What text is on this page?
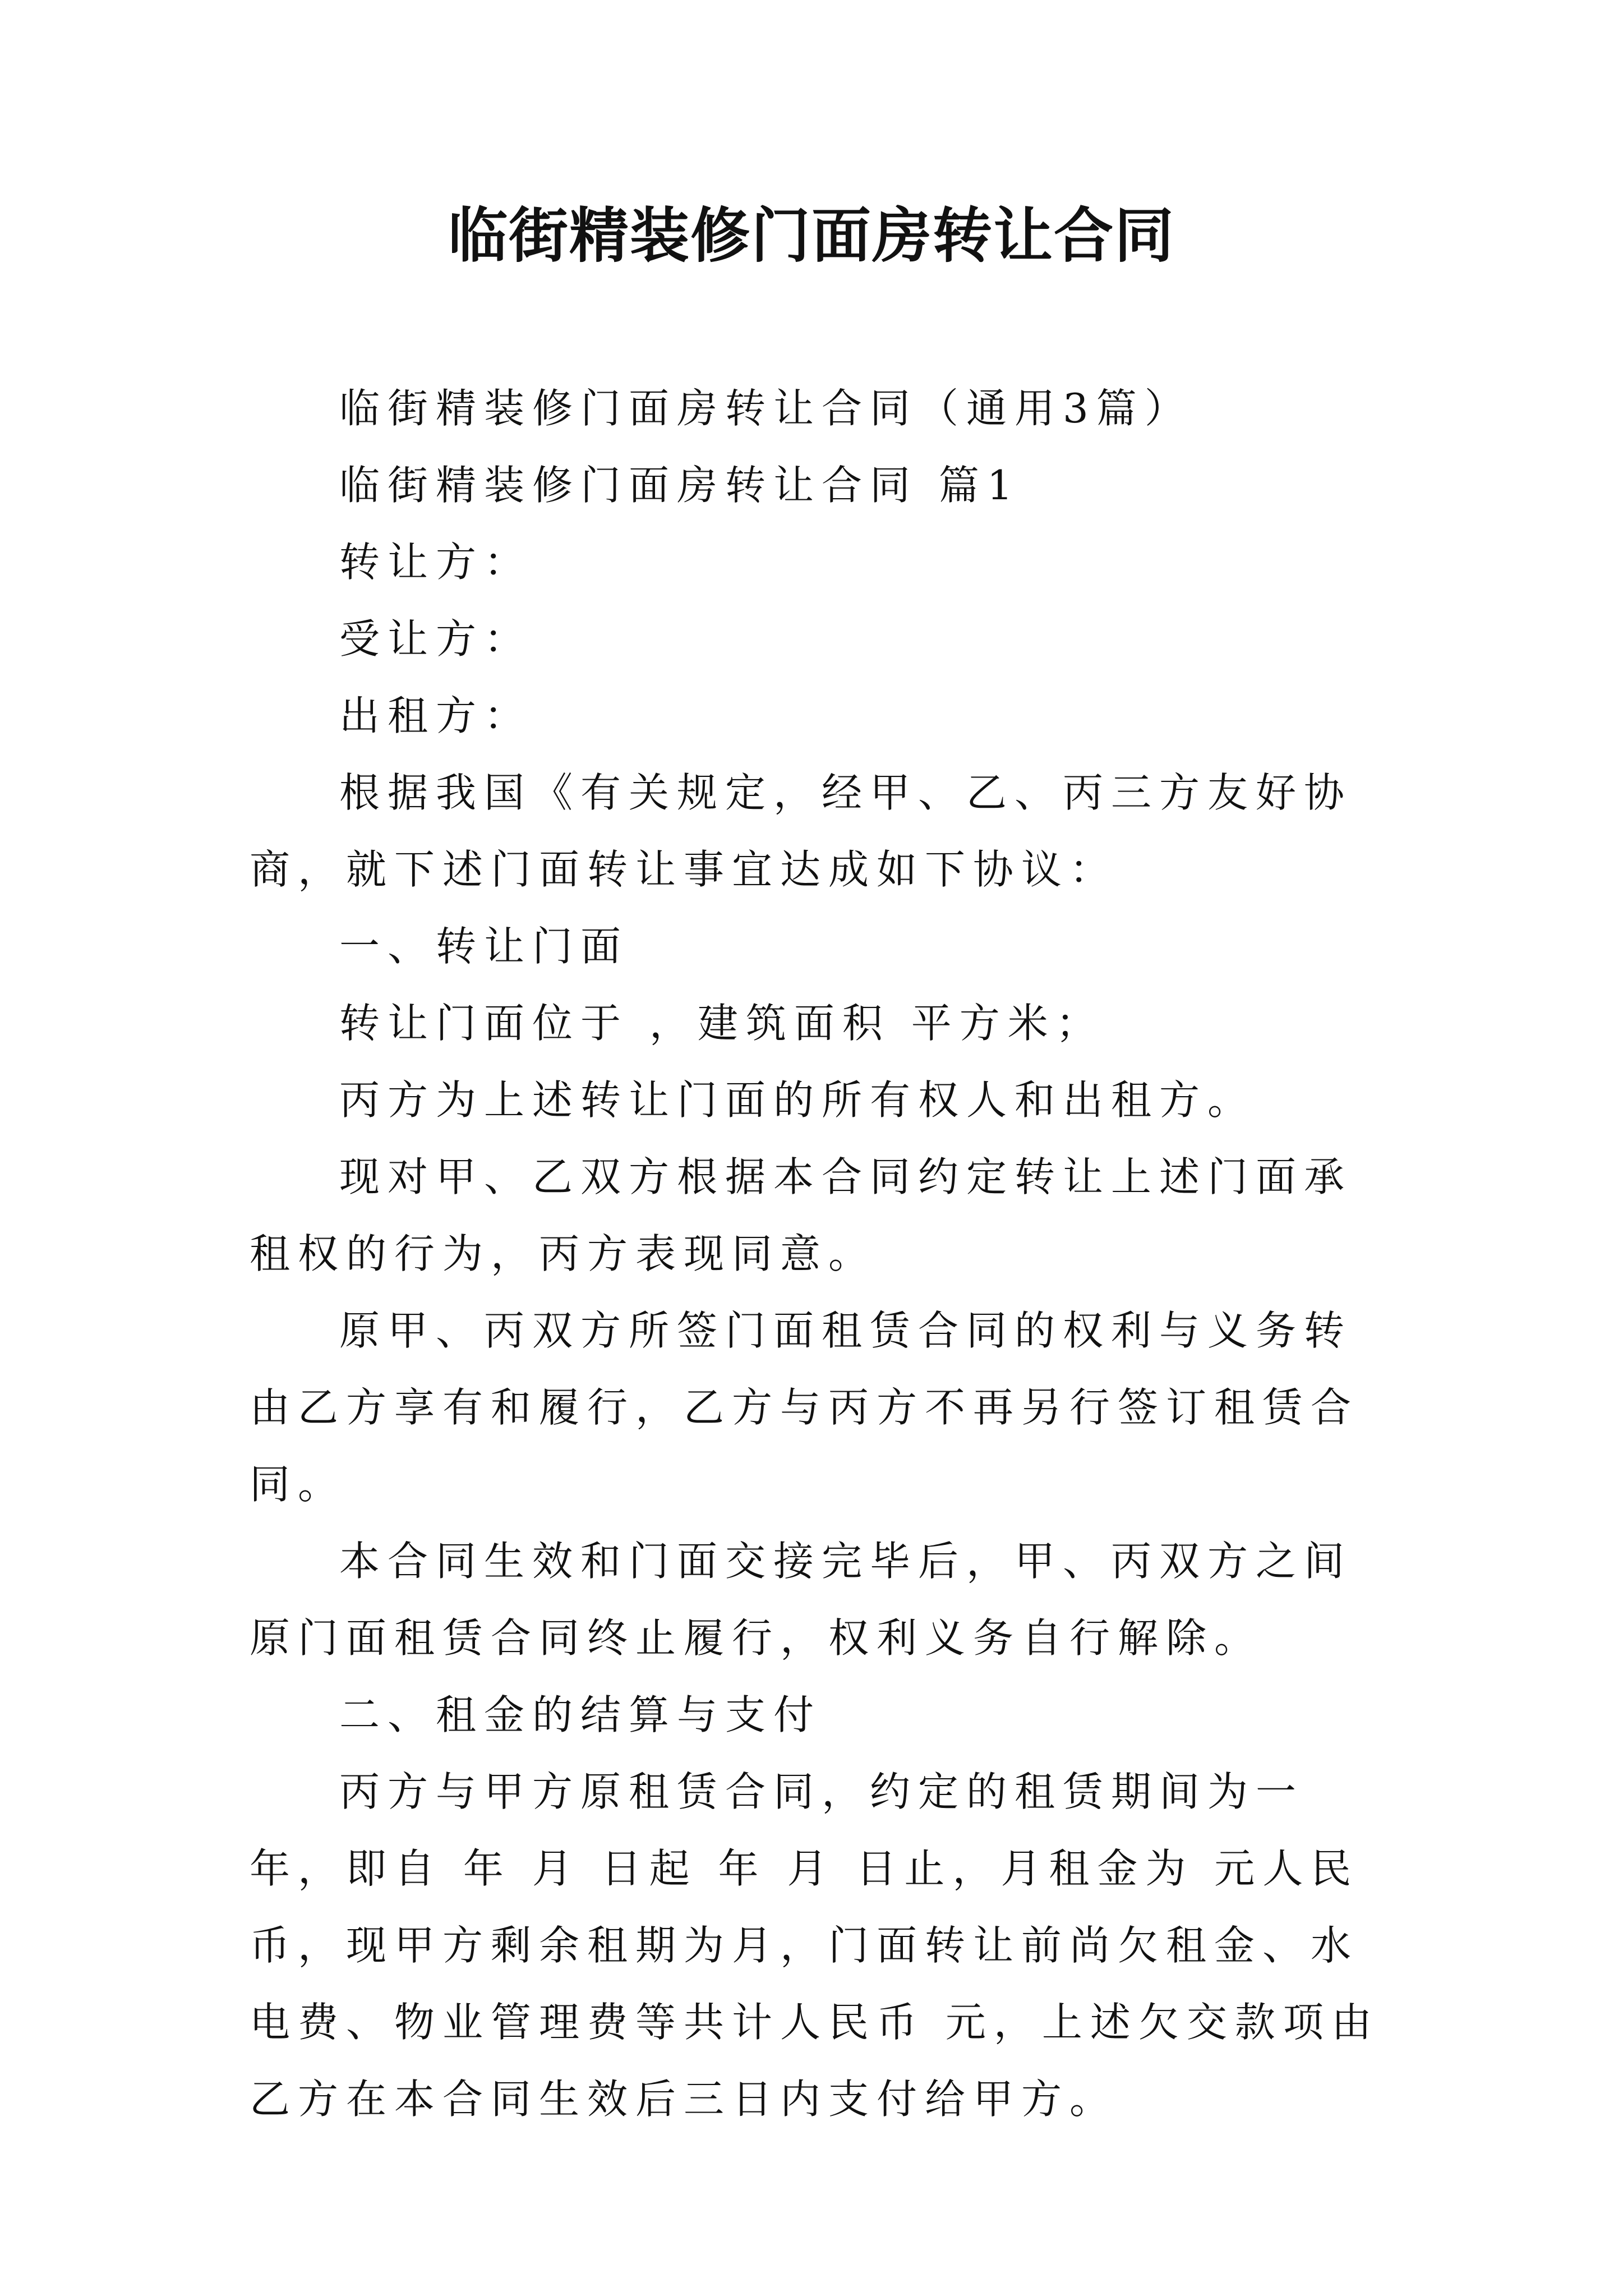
临街精装修门面房转让合同

临街精装修门面房转让合同（通用3篇）

临街精装修门面房转让合同 篇1

转让方：

受让方：

出租方：

根据我国《有关规定，经甲、乙、丙三方友好协商，就下述门面转让事宜达成如下协议：

一、转让门面

转让门面位于 ，建筑面积 平方米；

丙方为上述转让门面的所有权人和出租方。

现对甲、乙双方根据本合同约定转让上述门面承租权的行为，丙方表现同意。

原甲、丙双方所签门面租赁合同的权利与义务转由乙方享有和履行，乙方与丙方不再另行签订租赁合同。

本合同生效和门面交接完毕后，甲、丙双方之间原门面租赁合同终止履行，权利义务自行解除。

二、租金的结算与支付

丙方与甲方原租赁合同，约定的租赁期间为一年，即自 年 月 日起 年 月 日止，月租金为 元人民币，现甲方剩余租期为月，门面转让前尚欠租金、水电费、物业管理费等共计人民币 元，上述欠交款项由乙方在本合同生效后三日内支付给甲方。
